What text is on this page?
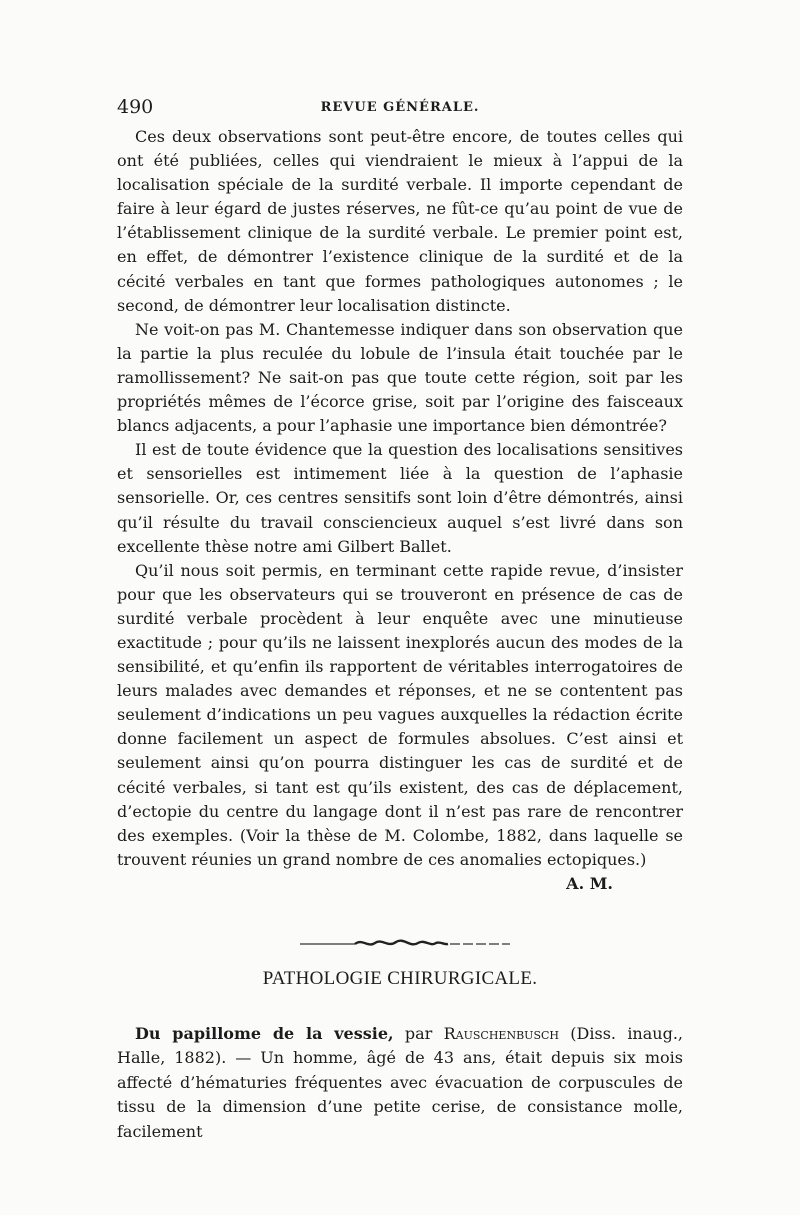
490	REVUE GÉNÉRALE.

Ces deux observations sont peut-être encore, de toutes celles qui ont été publiées, celles qui viendraient le mieux à l’appui de la localisation spéciale de la surdité verbale. Il importe cependant de faire à leur égard de justes réserves, ne fût-ce qu’au point de vue de l’établissement clinique de la surdité verbale. Le premier point est, en effet, de démontrer l’existence clinique de la surdité et de la cécité verbales en tant que formes pathologiques autonomes ; le second, de démontrer leur localisation distincte.

Ne voit-on pas M. Chantemesse indiquer dans son observation que la partie la plus reculée du lobule de l’insula était touchée par le ramollissement? Ne sait-on pas que toute cette région, soit par les propriétés mêmes de l’écorce grise, soit par l’origine des faisceaux blancs adjacents, a pour l’aphasie une importance bien démontrée?

Il est de toute évidence que la question des localisations sensitives et sensorielles est intimement liée à la question de l’aphasie sensorielle. Or, ces centres sensitifs sont loin d’être démontrés, ainsi qu’il résulte du travail consciencieux auquel s’est livré dans son excellente thèse notre ami Gilbert Ballet.

Qu’il nous soit permis, en terminant cette rapide revue, d’insister pour que les observateurs qui se trouveront en présence de cas de surdité verbale procèdent à leur enquête avec une minutieuse exactitude ; pour qu’ils ne laissent inexplorés aucun des modes de la sensibilité, et qu’enfin ils rapportent de véritables interrogatoires de leurs malades avec demandes et réponses, et ne se contentent pas seulement d’indications un peu vagues auxquelles la rédaction écrite donne facilement un aspect de formules absolues. C’est ainsi et seulement ainsi qu’on pourra distinguer les cas de surdité et de cécité verbales, si tant est qu’ils existent, des cas de déplacement, d’ectopie du centre du langage dont il n’est pas rare de rencontrer des exemples. (Voir la thèse de M. Colombe, 1882, dans laquelle se trouvent réunies un grand nombre de ces anomalies ectopiques.)

A. M.
PATHOLOGIE CHIRURGICALE.

Du papillome de la vessie, par Rauschenbusch (Diss. inaug., Halle, 1882). — Un homme, âgé de 43 ans, était depuis six mois affecté d’hématuries fréquentes avec évacuation de corpuscules de tissu de la dimension d’une petite cerise, de consistance molle, facilement
